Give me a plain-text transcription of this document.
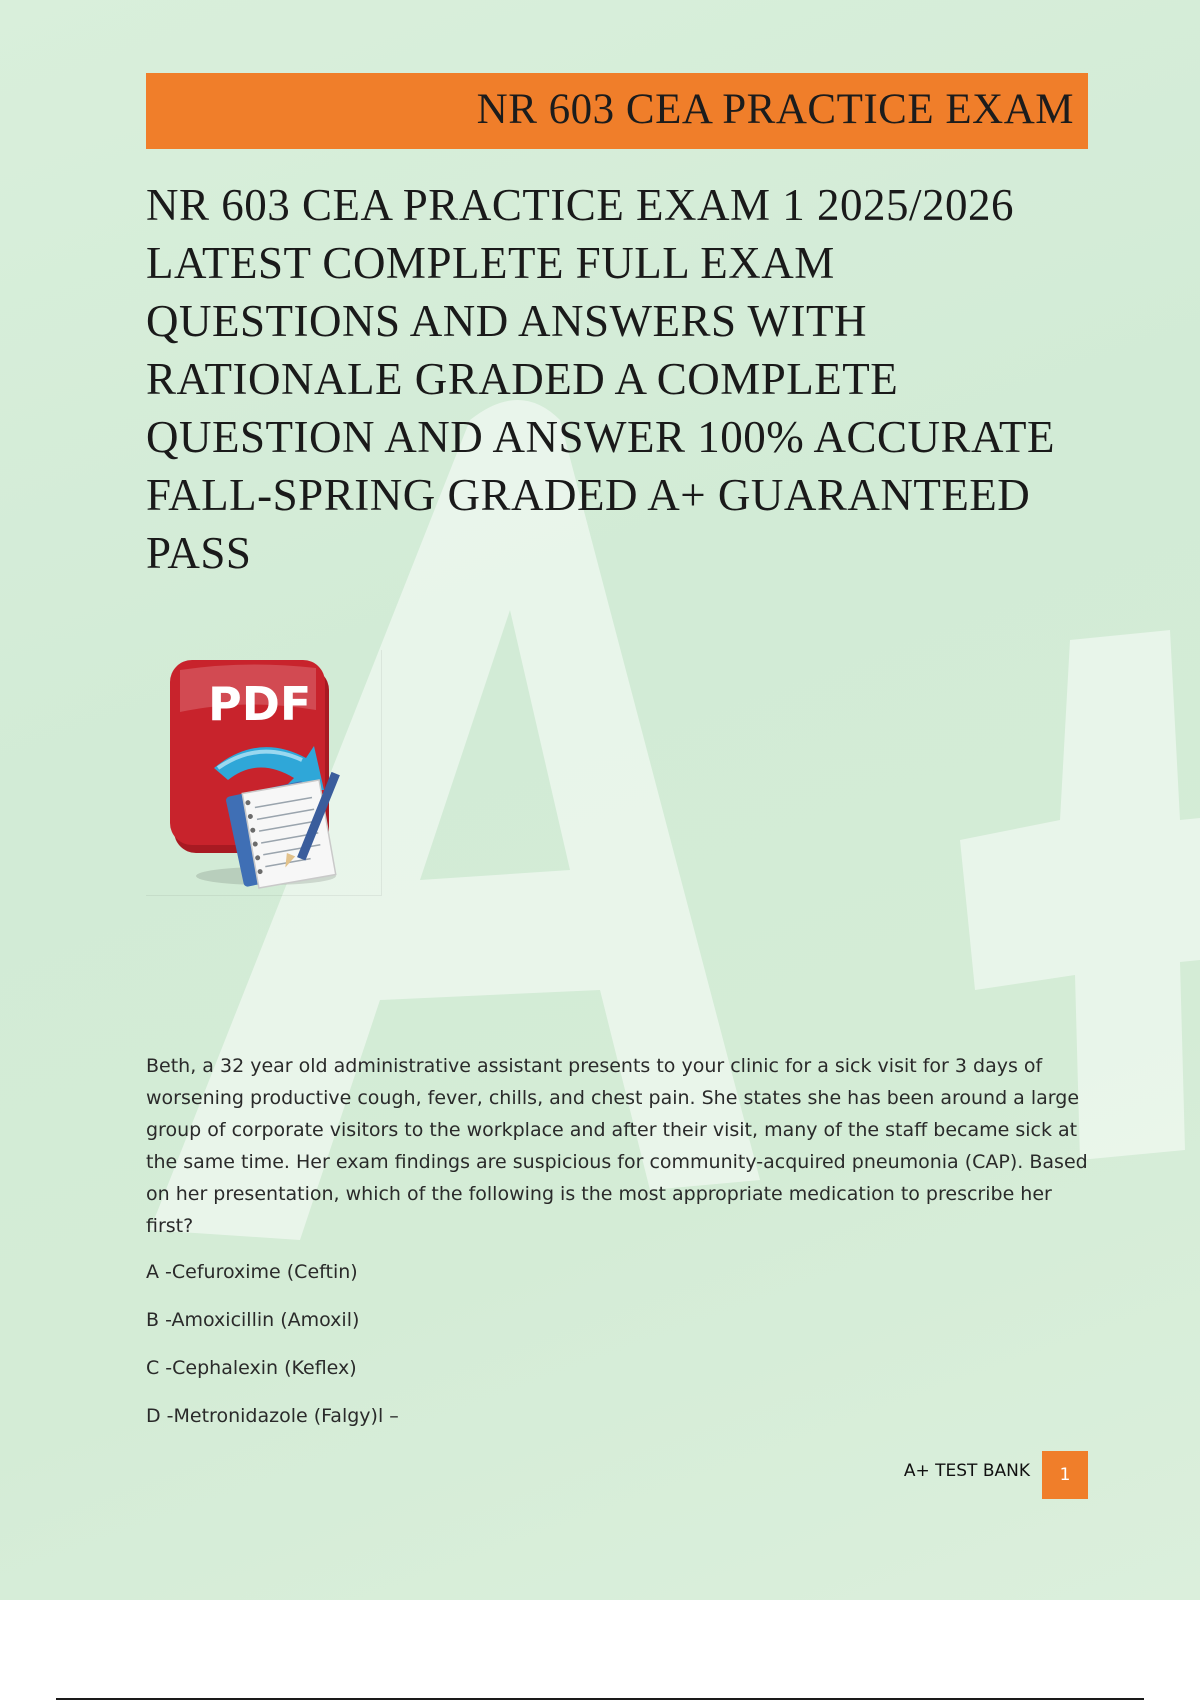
NR 603 CEA PRACTICE EXAM
NR 603 CEA PRACTICE EXAM 1 2025/2026 LATEST COMPLETE FULL EXAM QUESTIONS AND ANSWERS WITH RATIONALE GRADED A COMPLETE QUESTION AND ANSWER 100% ACCURATE FALL-SPRING GRADED A+ GUARANTEED PASS
PDF

Beth, a 32 year old administrative assistant presents to your clinic for a sick visit for 3 days of worsening productive cough, fever, chills, and chest pain. She states she has been around a large group of corporate visitors to the workplace and after their visit, many of the staff became sick at the same time. Her exam findings are suspicious for community-acquired pneumonia (CAP). Based on her presentation, which of the following is the most appropriate medication to prescribe her first?

A -Cefuroxime (Ceftin)
B -Amoxicillin (Amoxil)
C -Cephalexin (Keflex)
D -Metronidazole (Falgy)l –
A+ TEST BANK	1
